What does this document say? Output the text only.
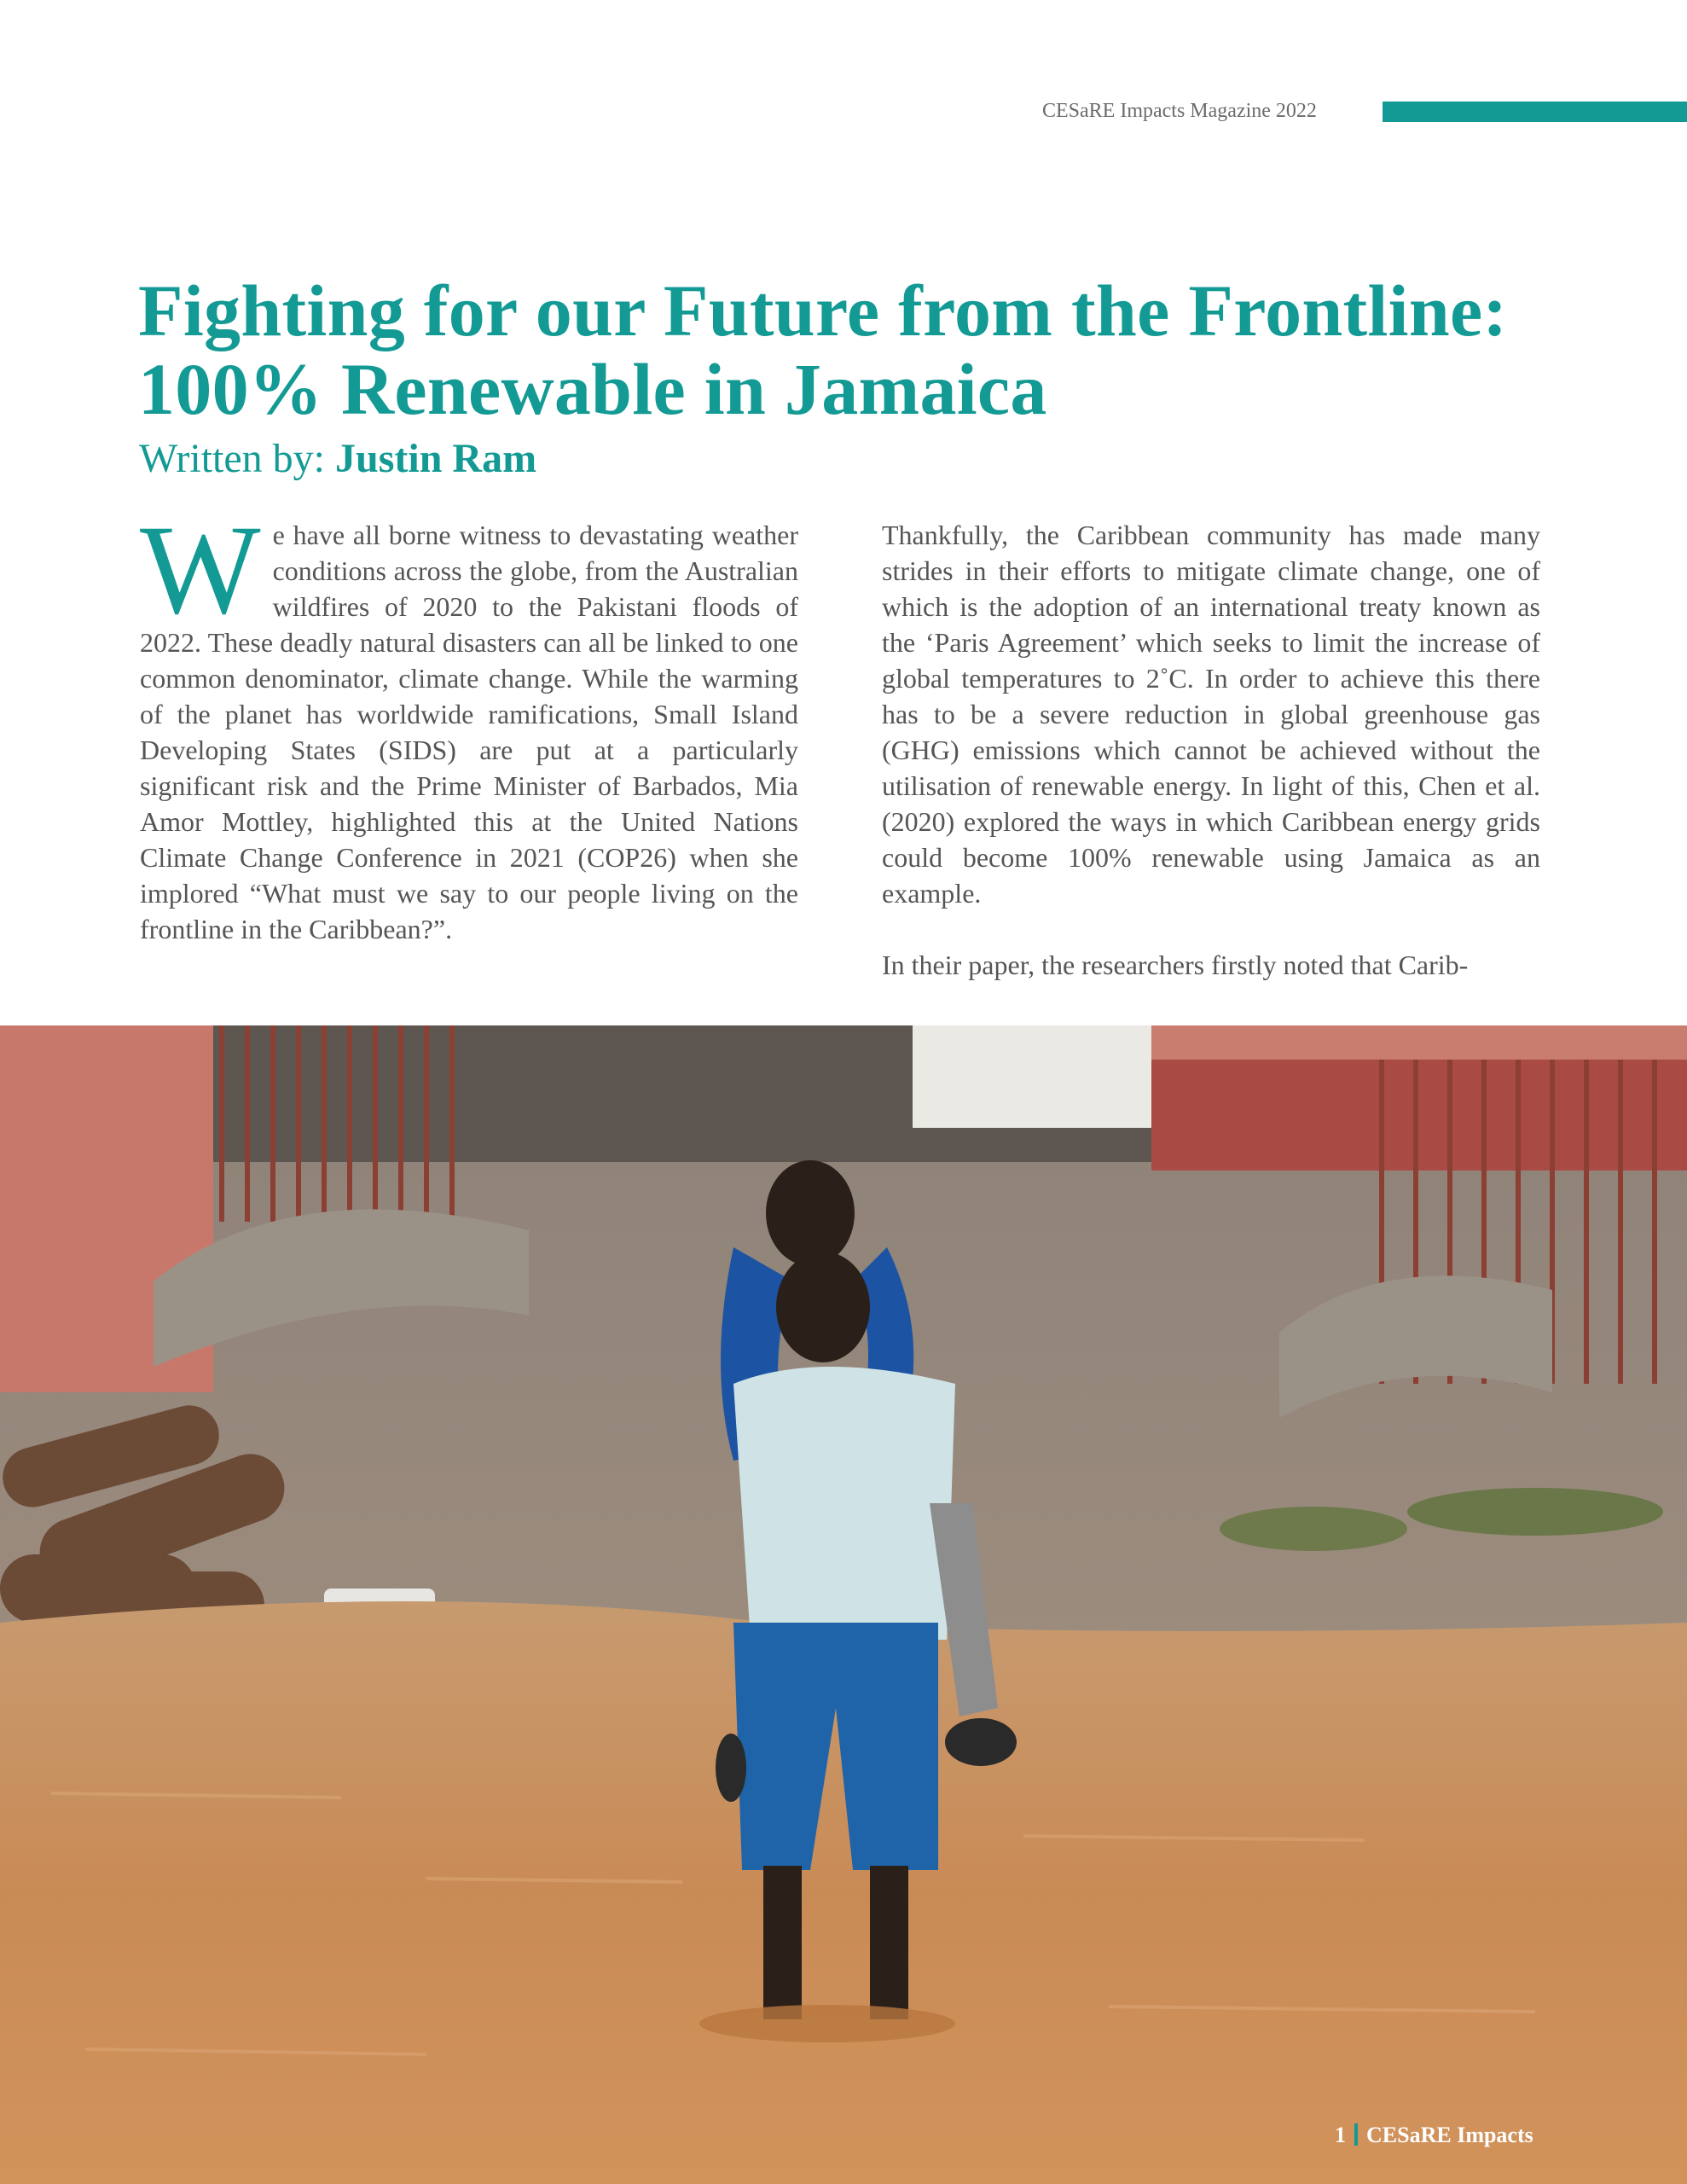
CESaRE Impacts Magazine 2022
Fighting for our Future from the Frontline:
100% Renewable in Jamaica
Written by: Justin Ram

We have all borne witness to devastating weather conditions across the globe, from the Australian wildfires of 2020 to the Pakistani floods of 2022. These deadly natural disasters can all be linked to one common denominator, climate change. While the warming of the planet has worldwide ramifications, Small Island Developing States (SIDS) are put at a particularly significant risk and the Prime Minister of Barbados, Mia Amor Mottley, highlighted this at the United Nations Climate Change Conference in 2021 (COP26) when she implored “What must we say to our people living on the frontline in the Caribbean?”.

Thankfully, the Caribbean community has made many strides in their efforts to mitigate climate change, one of which is the adoption of an international treaty known as the ‘Paris Agreement’ which seeks to limit the increase of global temperatures to 2˚C. In order to achieve this there has to be a severe reduction in global greenhouse gas (GHG) emissions which cannot be achieved without the utilisation of renewable energy. In light of this, Chen et al. (2020) explored the ways in which Caribbean energy grids could become 100% renewable using Jamaica as an example.

In their paper, the researchers firstly noted that Carib-

1 CESaRE Impacts
